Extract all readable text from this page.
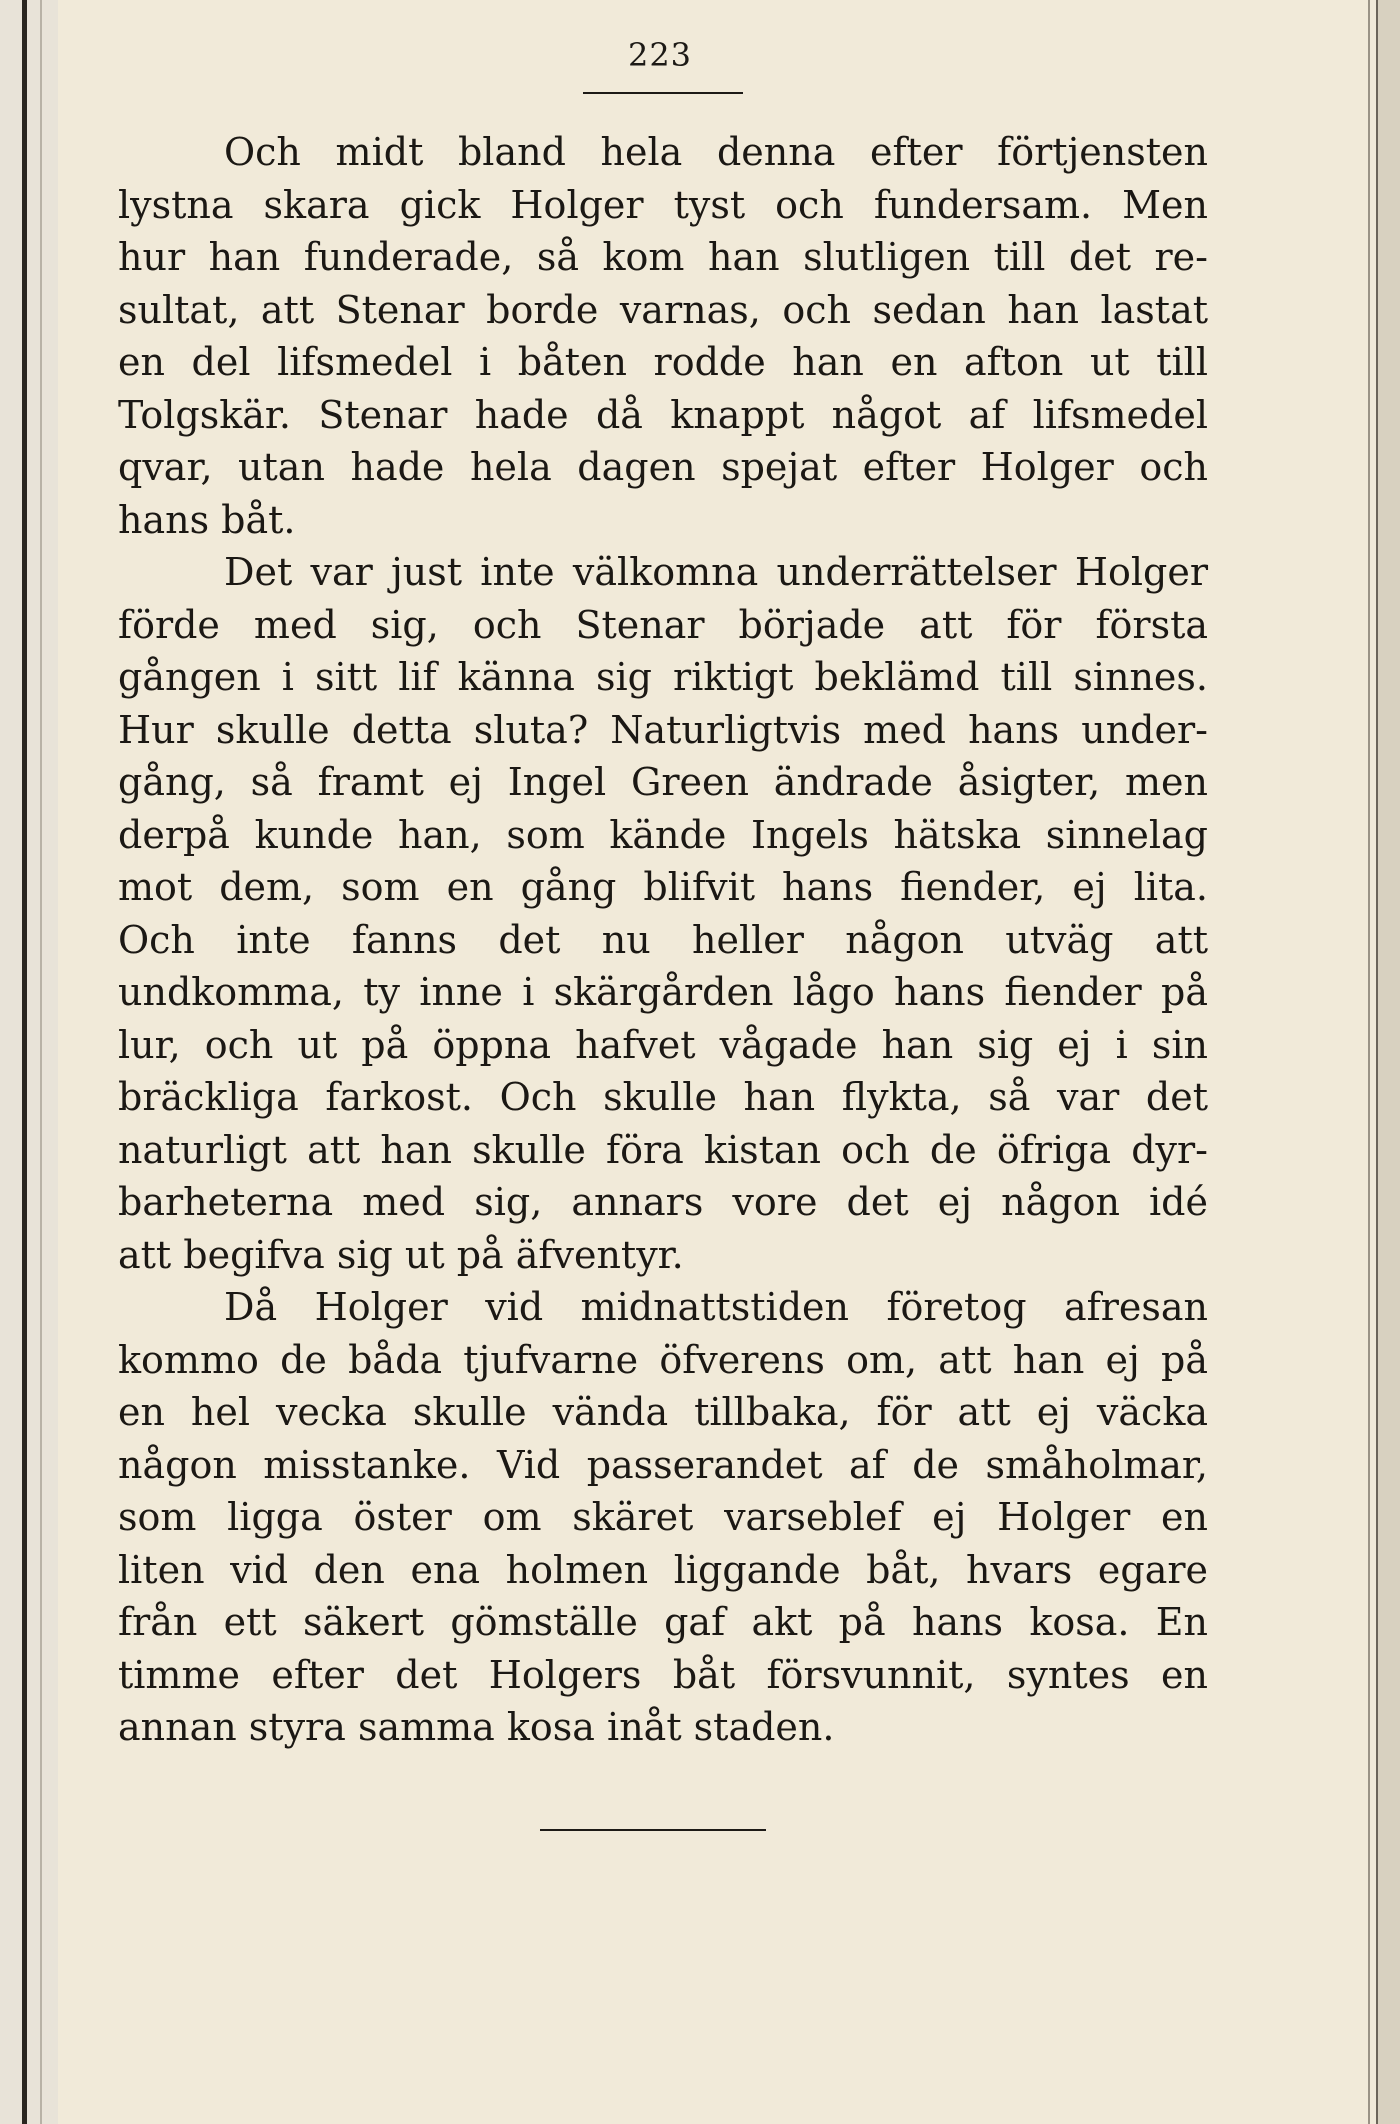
223

Och midt bland hela denna efter förtjensten

lystna skara gick Holger tyst och fundersam. Men

hur han funderade, så kom han slutligen till det re-

sultat, att Stenar borde varnas, och sedan han lastat

en del lifsmedel i båten rodde han en afton ut till

Tolgskär. Stenar hade då knappt något af lifsmedel

qvar, utan hade hela dagen spejat efter Holger och

hans båt.

Det var just inte välkomna underrättelser Holger

förde med sig, och Stenar började att för första

gången i sitt lif känna sig riktigt beklämd till sinnes.

Hur skulle detta sluta? Naturligtvis med hans under-

gång, så framt ej Ingel Green ändrade åsigter, men

derpå kunde han, som kände Ingels hätska sinnelag

mot dem, som en gång blifvit hans fiender, ej lita.

Och inte fanns det nu heller någon utväg att

undkomma, ty inne i skärgården lågo hans fiender på

lur, och ut på öppna hafvet vågade han sig ej i sin

bräckliga farkost. Och skulle han flykta, så var det

naturligt att han skulle föra kistan och de öfriga dyr-

barheterna med sig, annars vore det ej någon idé

att begifva sig ut på äfventyr.

Då Holger vid midnattstiden företog afresan

kommo de båda tjufvarne öfverens om, att han ej på

en hel vecka skulle vända tillbaka, för att ej väcka

någon misstanke. Vid passerandet af de småholmar,

som ligga öster om skäret varseblef ej Holger en

liten vid den ena holmen liggande båt, hvars egare

från ett säkert gömställe gaf akt på hans kosa. En

timme efter det Holgers båt försvunnit, syntes en

annan styra samma kosa inåt staden.
